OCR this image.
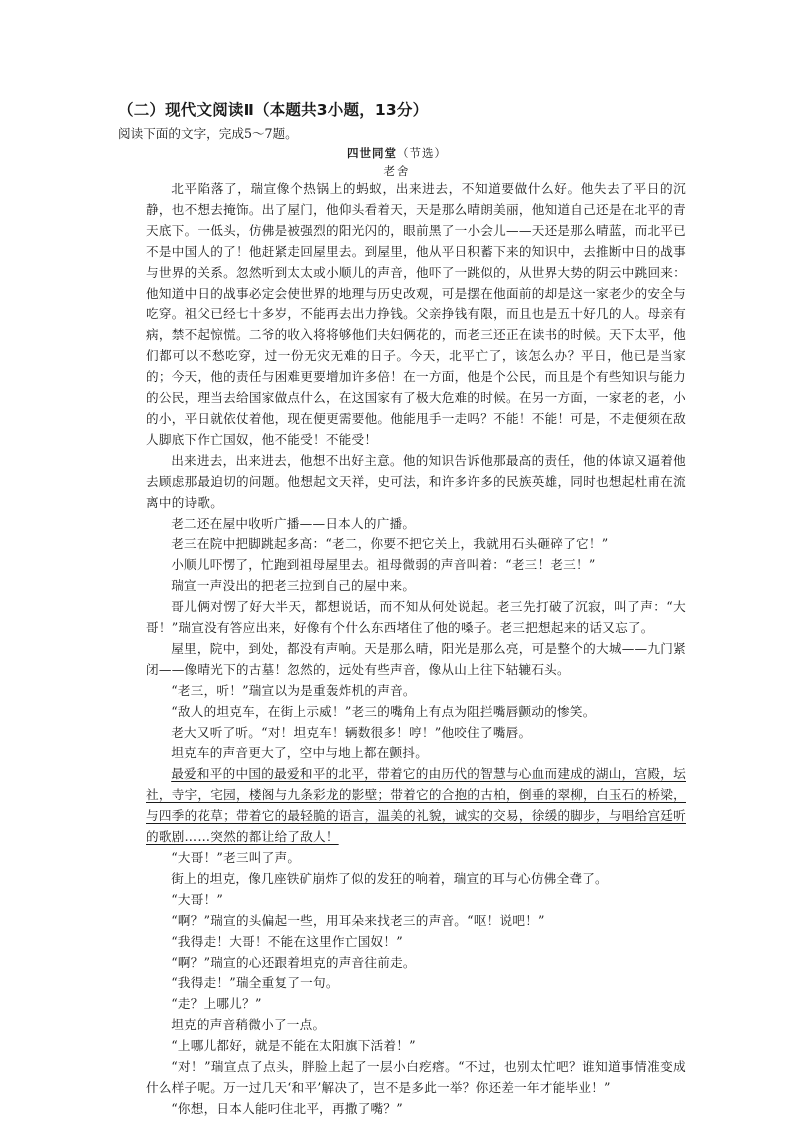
（二）现代文阅读Ⅱ（本题共3小题，13分）
阅读下面的文字，完成5～7题。
四世同堂（节选）
老舍

北平陷落了，瑞宣像个热锅上的蚂蚁，出来进去，不知道要做什么好。他失去了平日的沉静，也不想去掩饰。出了屋门，他仰头看着天，天是那么晴朗美丽，他知道自己还是在北平的青天底下。一低头，仿佛是被强烈的阳光闪的，眼前黑了一小会儿——天还是那么晴蓝，而北平已不是中国人的了！他赶紧走回屋里去。到屋里，他从平日积蓄下来的知识中，去推断中日的战事与世界的关系。忽然听到太太或小顺儿的声音，他吓了一跳似的，从世界大势的阴云中跳回来：他知道中日的战事必定会使世界的地理与历史改观，可是摆在他面前的却是这一家老少的安全与吃穿。祖父已经七十多岁，不能再去出力挣钱。父亲挣钱有限，而且也是五十好几的人。母亲有病，禁不起惊慌。二爷的收入将将够他们夫妇俩花的，而老三还正在读书的时候。天下太平，他们都可以不愁吃穿，过一份无灾无难的日子。今天，北平亡了，该怎么办？平日，他已是当家的；今天，他的责任与困难更要增加许多倍！在一方面，他是个公民，而且是个有些知识与能力的公民，理当去给国家做点什么，在这国家有了极大危难的时候。在另一方面，一家老的老，小的小，平日就依仗着他，现在便更需要他。他能甩手一走吗？不能！不能！可是，不走便须在敌人脚底下作亡国奴，他不能受！不能受！

出来进去，出来进去，他想不出好主意。他的知识告诉他那最高的责任，他的体谅又逼着他去顾虑那最迫切的问题。他想起文天祥，史可法，和许多许多的民族英雄，同时也想起杜甫在流离中的诗歌。

老二还在屋中收听广播——日本人的广播。

老三在院中把脚跳起多高：“老二，你要不把它关上，我就用石头砸碎了它！”

小顺儿吓愣了，忙跑到祖母屋里去。祖母微弱的声音叫着：“老三！老三！”

瑞宣一声没出的把老三拉到自己的屋中来。

哥儿俩对愣了好大半天，都想说话，而不知从何处说起。老三先打破了沉寂，叫了声：“大哥！”瑞宣没有答应出来，好像有个什么东西堵住了他的嗓子。老三把想起来的话又忘了。

屋里，院中，到处，都没有声响。天是那么晴，阳光是那么亮，可是整个的大城——九门紧闭——像晴光下的古墓！忽然的，远处有些声音，像从山上往下轱辘石头。

“老三，听！”瑞宣以为是重轰炸机的声音。

“敌人的坦克车，在街上示威！”老三的嘴角上有点为阻拦嘴唇颤动的惨笑。

老大又听了听。“对！坦克车！辆数很多！哼！”他咬住了嘴唇。

坦克车的声音更大了，空中与地上都在颤抖。

最爱和平的中国的最爱和平的北平，带着它的由历代的智慧与心血而建成的湖山，宫殿，坛社，寺宇，宅园，楼阁与九条彩龙的影壁；带着它的合抱的古柏，倒垂的翠柳，白玉石的桥梁，与四季的花草；带着它的最轻脆的语言，温美的礼貌，诚实的交易，徐缓的脚步，与唱给宫廷听的歌剧……突然的都让给了敌人！

“大哥！”老三叫了声。

街上的坦克，像几座铁矿崩炸了似的发狂的响着，瑞宣的耳与心仿佛全聋了。

“大哥！”

“啊？”瑞宣的头偏起一些，用耳朵来找老三的声音。“呕！说吧！”

“我得走！大哥！不能在这里作亡国奴！”

“啊？”瑞宣的心还跟着坦克的声音往前走。

“我得走！”瑞全重复了一句。

“走？上哪儿？”

坦克的声音稍微小了一点。

“上哪儿都好，就是不能在太阳旗下活着！”

“对！”瑞宣点了点头，胖脸上起了一层小白疙瘩。“不过，也别太忙吧？谁知道事情准变成什么样子呢。万一过几天‘和平’解决了，岂不是多此一举？你还差一年才能毕业！”

“你想，日本人能叼住北平，再撒了嘴？”
